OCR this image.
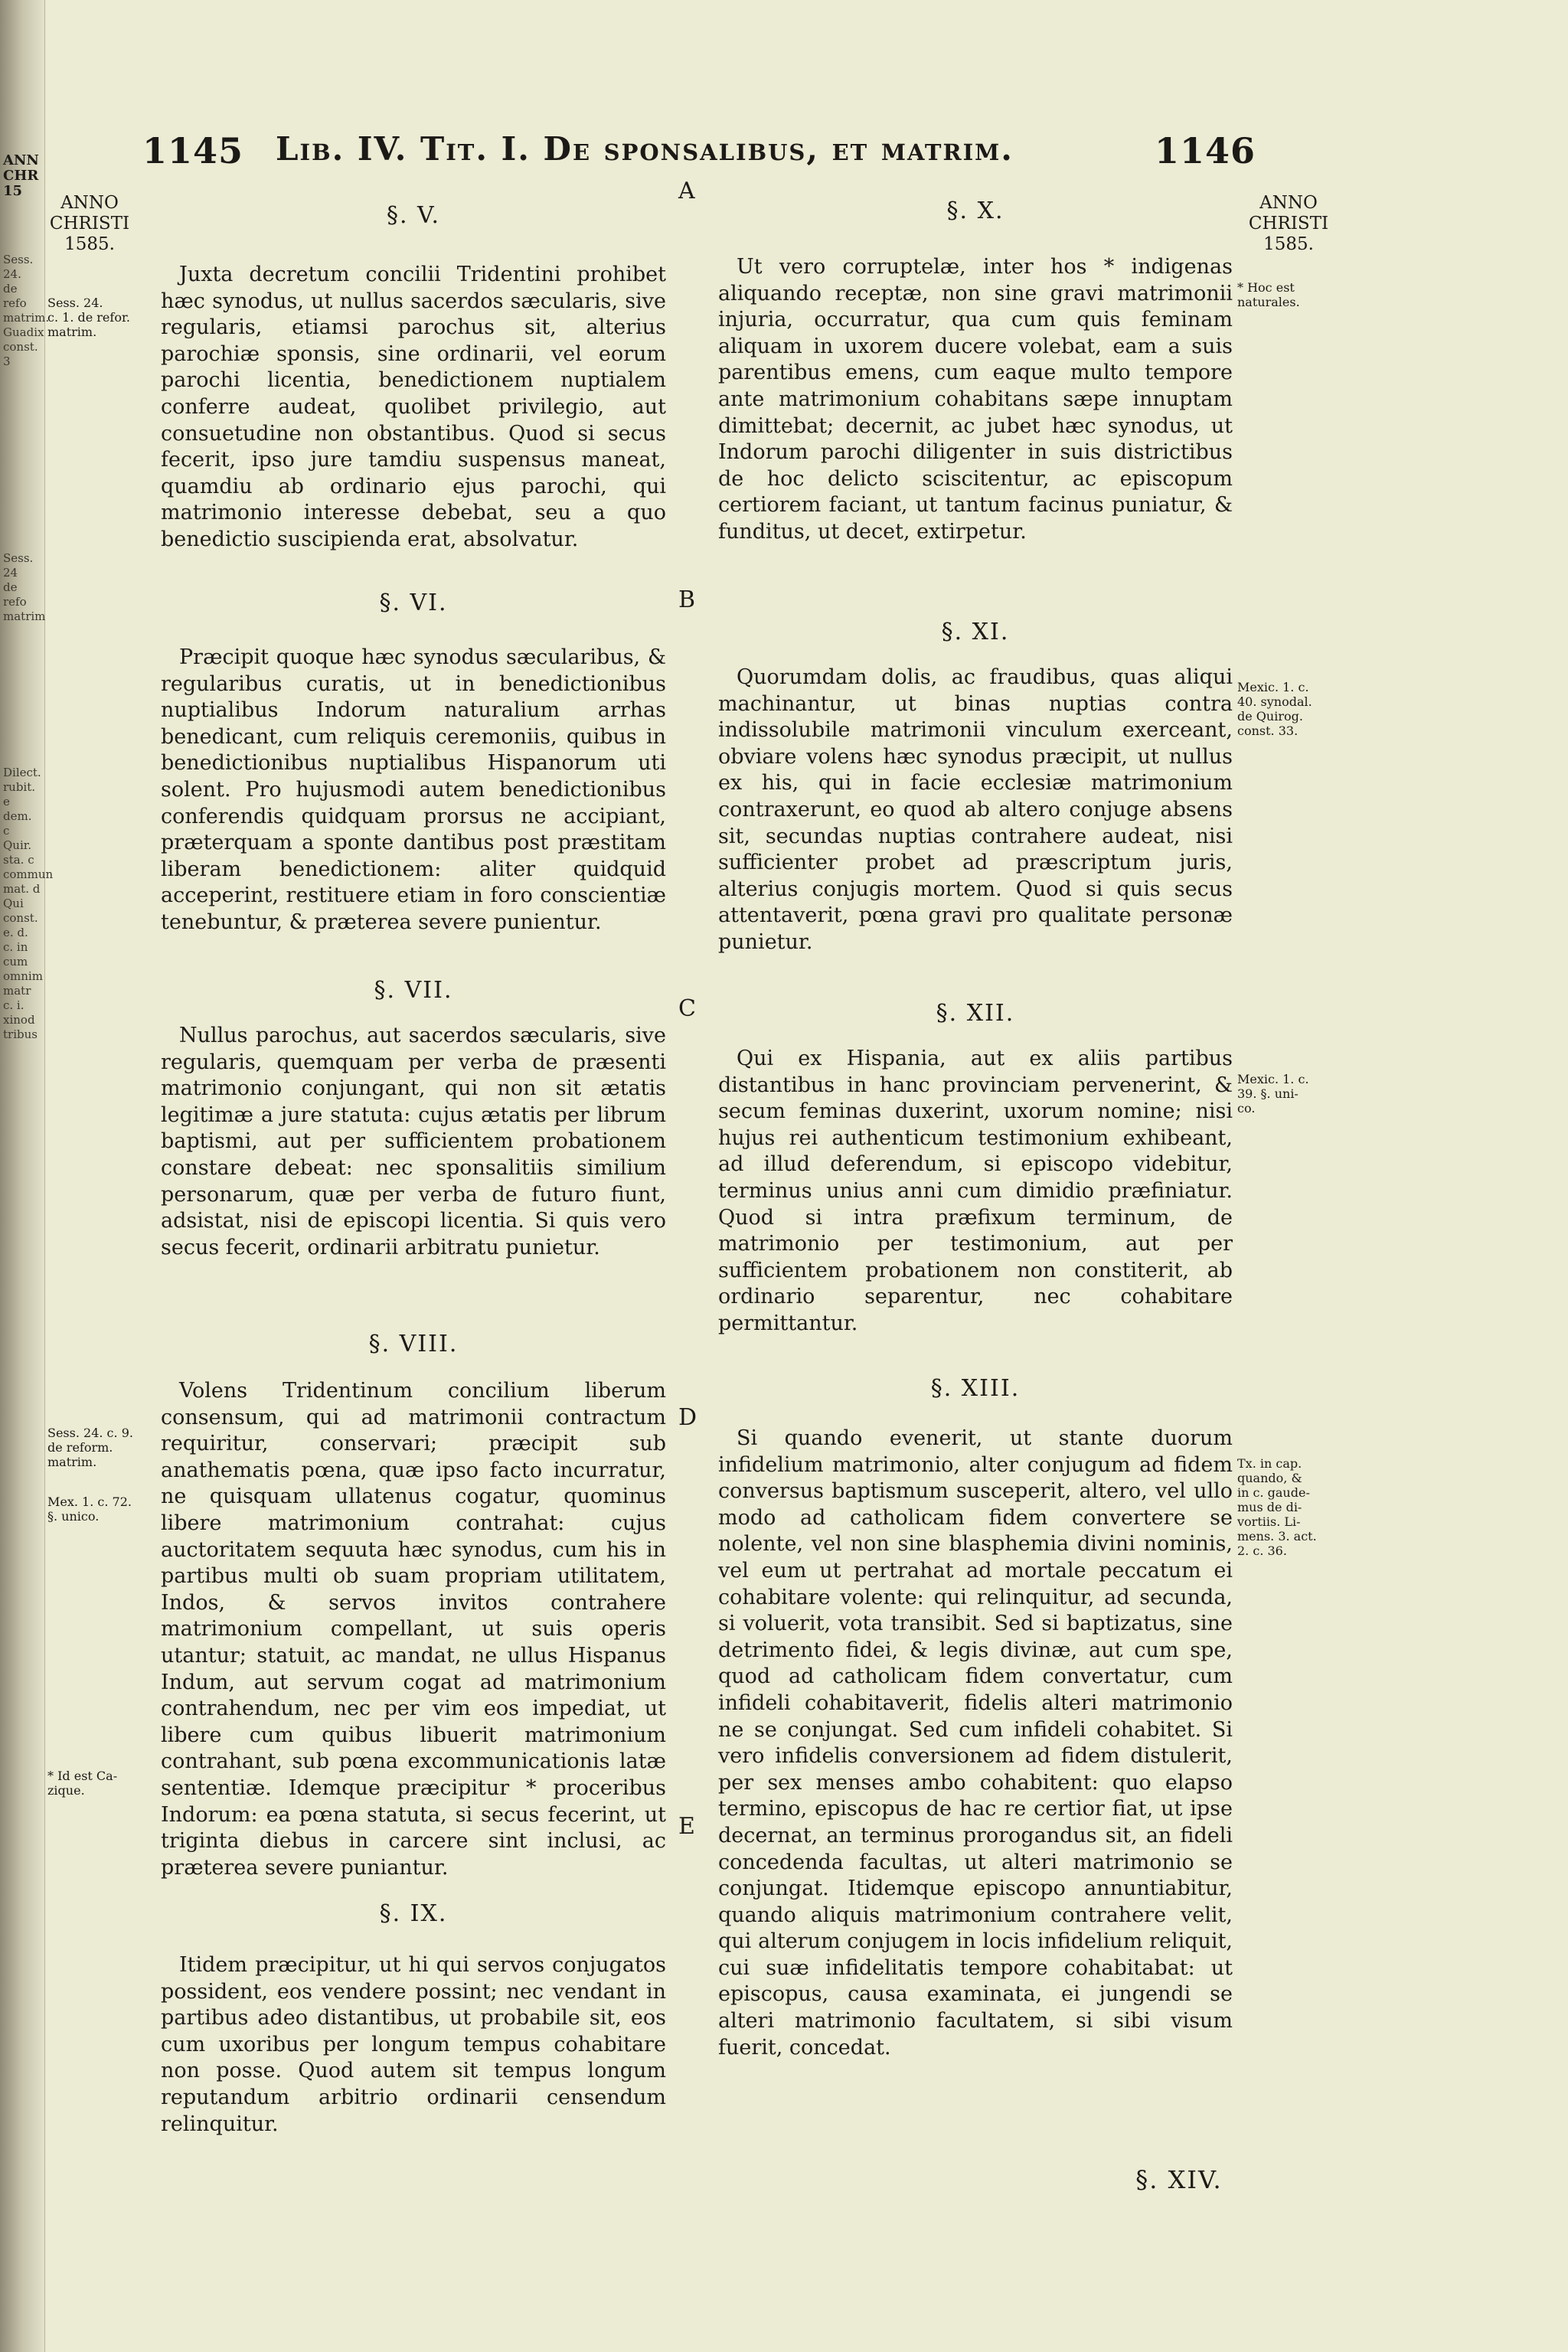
ANN
CHR
15
Sess. 24.
de refo
matrim.
Guadix
const. 3
Sess. 24
de refo
matrim
Dilect.
rubit. e
dem. c
Quir.
sta. c
commun
mat. d
Qui
const.
e. d.
c. in
cum
omnim
matr
c. i.
xinod
tribus
1145 Lib. IV. Tit. I. De sponsalibus, et matrim.	1146
A
B
C
D
E
ANNO
CHRISTI
1585.
ANNO
CHRISTI
1585.
Sess. 24.
c. 1. de refor.
matrim.
Sess. 24. c. 9.
de reform.
matrim.
Mex. 1. c. 72.
§. unico.
* Id est Ca-
zique.
* Hoc est
naturales.
Mexic. 1. c.
40. synodal.
de Quirog.
const. 33.
Mexic. 1. c.
39. §. uni-
co.
Tx. in cap.
quando, &
in c. gaude-
mus de di-
vortiis. Li-
mens. 3. act.
2. c. 36.
§. V.

Juxta decretum concilii Tridentini prohibet hæc synodus, ut nullus sacerdos sæcularis, sive regularis, etiamsi parochus sit, alterius parochiæ sponsis, sine ordinarii, vel eorum parochi licentia, benedictionem nuptialem conferre audeat, quolibet privilegio, aut consuetudine non obstantibus. Quod si secus fecerit, ipso jure tamdiu suspensus maneat, quamdiu ab ordinario ejus parochi, qui matrimonio interesse debebat, seu a quo benedictio suscipienda erat, absolvatur.

§. VI.

Præcipit quoque hæc synodus sæcularibus, & regularibus curatis, ut in benedictionibus nuptialibus Indorum naturalium arrhas benedicant, cum reliquis ceremoniis, quibus in benedictionibus nuptialibus Hispanorum uti solent. Pro hujusmodi autem benedictionibus conferendis quidquam prorsus ne accipiant, præterquam a sponte dantibus post præstitam liberam benedictionem: aliter quidquid acceperint, restituere etiam in foro conscientiæ tenebuntur, & præterea severe punientur.

§. VII.

Nullus parochus, aut sacerdos sæcularis, sive regularis, quemquam per verba de præsenti matrimonio conjungant, qui non sit ætatis legitimæ a jure statuta: cujus ætatis per librum baptismi, aut per sufficientem probationem constare debeat: nec sponsalitiis similium personarum, quæ per verba de futuro fiunt, adsistat, nisi de episcopi licentia. Si quis vero secus fecerit, ordinarii arbitratu punietur.

§. VIII.

Volens Tridentinum concilium liberum consensum, qui ad matrimonii contractum requiritur, conservari; præcipit sub anathematis pœna, quæ ipso facto incurratur, ne quisquam ullatenus cogatur, quominus libere matrimonium contrahat: cujus auctoritatem sequuta hæc synodus, cum his in partibus multi ob suam propriam utilitatem, Indos, & servos invitos contrahere matrimonium compellant, ut suis operis utantur; statuit, ac mandat, ne ullus Hispanus Indum, aut servum cogat ad matrimonium contrahendum, nec per vim eos impediat, ut libere cum quibus libuerit matrimonium contrahant, sub pœna excommunicationis latæ sententiæ. Idemque præcipitur * proceribus Indorum: ea pœna statuta, si secus fecerint, ut triginta diebus in carcere sint inclusi, ac præterea severe puniantur.

§. IX.

Itidem præcipitur, ut hi qui servos conjugatos possident, eos vendere possint; nec vendant in partibus adeo distantibus, ut probabile sit, eos cum uxoribus per longum tempus cohabitare non posse. Quod autem sit tempus longum reputandum arbitrio ordinarii censendum relinquitur.

§. X.

Ut vero corruptelæ, inter hos * indigenas aliquando receptæ, non sine gravi matrimonii injuria, occurratur, qua cum quis feminam aliquam in uxorem ducere volebat, eam a suis parentibus emens, cum eaque multo tempore ante matrimonium cohabitans sæpe innuptam dimittebat; decernit, ac jubet hæc synodus, ut Indorum parochi diligenter in suis districtibus de hoc delicto sciscitentur, ac episcopum certiorem faciant, ut tantum facinus puniatur, & funditus, ut decet, extirpetur.

§. XI.

Quorumdam dolis, ac fraudibus, quas aliqui machinantur, ut binas nuptias contra indissolubile matrimonii vinculum exerceant, obviare volens hæc synodus præcipit, ut nullus ex his, qui in facie ecclesiæ matrimonium contraxerunt, eo quod ab altero conjuge absens sit, secundas nuptias contrahere audeat, nisi sufficienter probet ad præscriptum juris, alterius conjugis mortem. Quod si quis secus attentaverit, pœna gravi pro qualitate personæ punietur.

§. XII.

Qui ex Hispania, aut ex aliis partibus distantibus in hanc provinciam pervenerint, & secum feminas duxerint, uxorum nomine; nisi hujus rei authenticum testimonium exhibeant, ad illud deferendum, si episcopo videbitur, terminus unius anni cum dimidio præfiniatur. Quod si intra præfixum terminum, de matrimonio per testimonium, aut per sufficientem probationem non constiterit, ab ordinario separentur, nec cohabitare permittantur.

§. XIII.

Si quando evenerit, ut stante duorum infidelium matrimonio, alter conjugum ad fidem conversus baptismum susceperit, altero, vel ullo modo ad catholicam fidem convertere se nolente, vel non sine blasphemia divini nominis, vel eum ut pertrahat ad mortale peccatum ei cohabitare volente: qui relinquitur, ad secunda, si voluerit, vota transibit. Sed si baptizatus, sine detrimento fidei, & legis divinæ, aut cum spe, quod ad catholicam fidem convertatur, cum infideli cohabitaverit, fidelis alteri matrimonio ne se conjungat. Sed cum infideli cohabitet. Si vero infidelis conversionem ad fidem distulerit, per sex menses ambo cohabitent: quo elapso termino, episcopus de hac re certior fiat, ut ipse decernat, an terminus prorogandus sit, an fideli concedenda facultas, ut alteri matrimonio se conjungat. Itidemque episcopo annuntiabitur, quando aliquis matrimonium contrahere velit, qui alterum conjugem in locis infidelium reliquit, cui suæ infidelitatis tempore cohabitabat: ut episcopus, causa examinata, ei jungendi se alteri matrimonio facultatem, si sibi visum fuerit, concedat.

§. XIV.
